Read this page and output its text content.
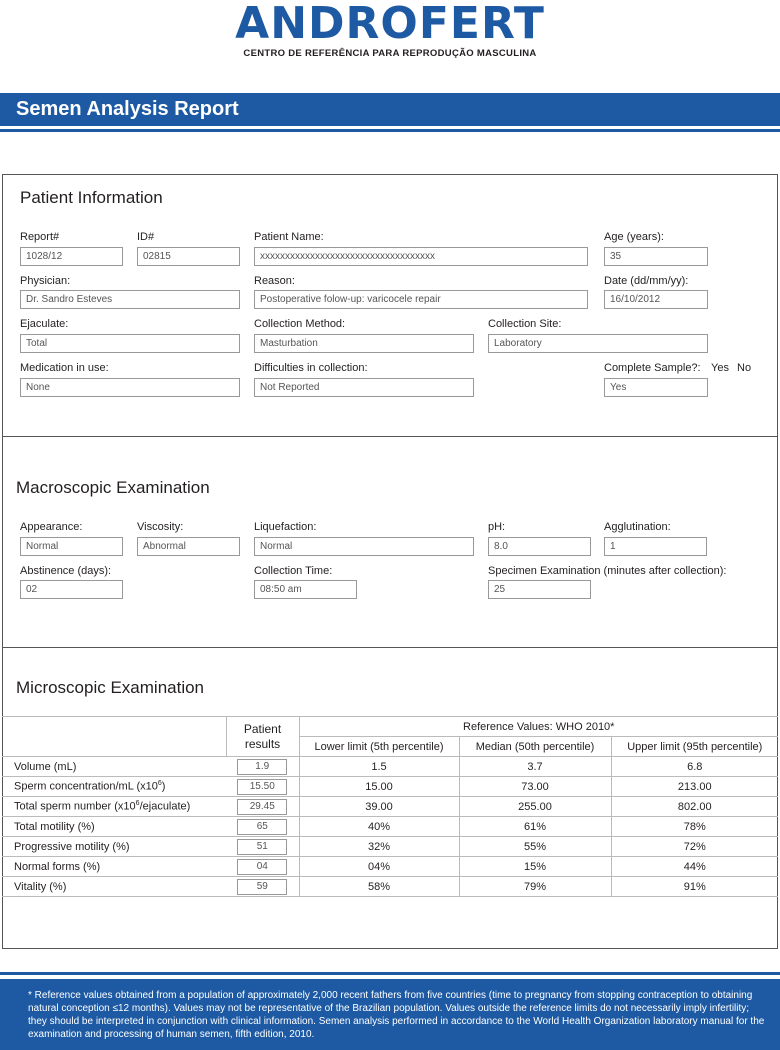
ANDROFERT
CENTRO DE REFERÊNCIA PARA REPRODUÇÃO MASCULINA
Semen Analysis Report
Patient Information
Report#
1028/12
ID#
02815
Patient Name:
xxxxxxxxxxxxxxxxxxxxxxxxxxxxxxxxxxx
Age (years):
35
Physician:
Dr. Sandro Esteves
Reason:
Postoperative folow-up: varicocele repair
Date (dd/mm/yy):
16/10/2012
Ejaculate:
Total
Collection Method:
Masturbation
Collection Site:
Laboratory
Medication in use:
None
Difficulties in collection:
Not Reported
Complete Sample?: Yes No
Yes
Macroscopic Examination
Appearance:
Normal
Viscosity:
Abnormal
Liquefaction:
Normal
pH:
8.0
Agglutination:
1
Abstinence (days):
02
Collection Time:
08:50 am
Specimen Examination (minutes after collection):
25
Microscopic Examination

	Patient
results	Reference Values: WHO 2010*		
		Lower limit (5th percentile)	Median (50th percentile)	Upper limit (95th percentile)
Volume (mL)	1.9	1.5	3.7	6.8
Sperm concentration/mL $(x10^6)$	15.50	15.00	73.00	213.00
Total sperm number $(x10^6/ejaculate)$	29.45	39.00	255.00	802.00
Total motility (%)	65	40%	61%	78%
Progressive motility (%)	51	32%	55%	72%
Normal forms (%)	04	04%	15%	44%
Vitality (%)	59	58%	79%	91%
* Reference values obtained from a population of approximately 2,000 recent fathers from five countries (time to pregnancy from stopping contraception to obtaining natural conception ≤12 months). Values may not be representative of the Brazilian population. Values outside the reference limits do not necessarily imply infertility; they should be interpreted in conjunction with clinical information. Semen analysis performed in accordance to the World Health Organization laboratory manual for the examination and processing of human semen, fifth edition, 2010.
